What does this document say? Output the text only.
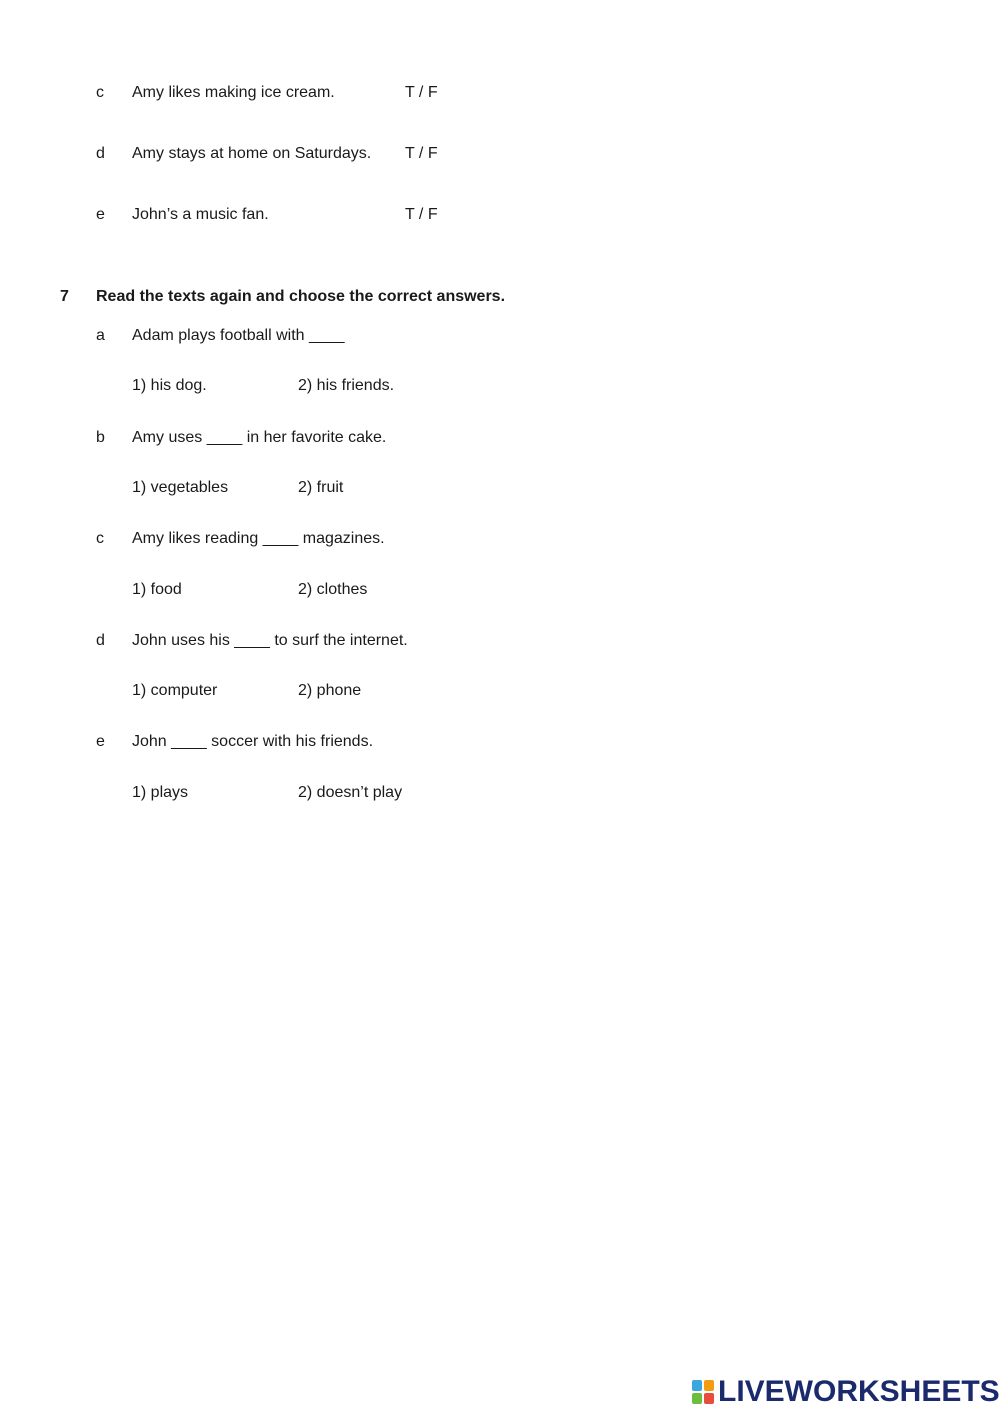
c Amy likes making ice cream.	T / F
d Amy stays at home on Saturdays. T / F
e John’s a music fan.	T / F
7 Read the texts again and choose the correct answers.
a Adam plays football with ____
1) his dog.	2) his friends.
b Amy uses ____ in her favorite cake.
1) vegetables	2) fruit
c Amy likes reading ____ magazines.
1) food	2) clothes
d John uses his ____ to surf the internet.
1) computer	2) phone
e John ____ soccer with his friends.
1) plays	2) doesn’t play
LIVEWORKSHEETS
